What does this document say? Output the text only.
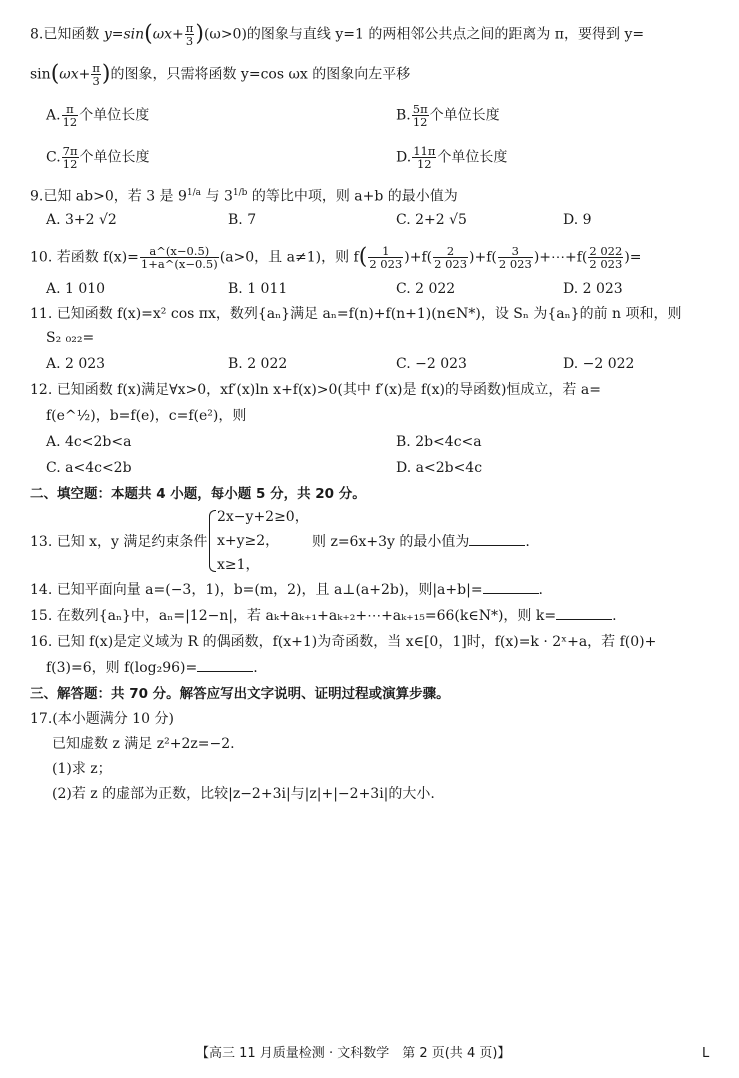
8.已知函数 $y=\sin(\omega x+ \frac{\pi}{3} )(\omega>0)$的图象与直线 y=1 的两相邻公共点之间的距离为 π，要得到 y=
$\sin(\omega x+ \frac{\pi}{3}$ )的图象，只需将函数 y=cos ωx 的图象向左平移
A. $\frac{\pi}{12}$ 个单位长度	B. $\frac{5\pi}{12}$ 个单位长度
C. $\frac{7\pi}{12}$ 个单位长度	D. $\frac{11\pi}{12}$ 个单位长度
9.已知 ab>0，若 3 是 $9^{1/a}$ 与 $3^{1/b}$ 的等比中项，则 a+b 的最小值为
A. 3+2 √2	B. 7	C. 2+2 √5	D. 9
10. 若函数 $f(x)= \frac{a\^{}(x-0.5)}{1+a\^{}(x-0.5)} (a>0$，且 a≠1)，则 $f( \frac{1}{2 023} )+f( \frac{2}{2 023} )+f( \frac{3}{2 023}$ )+⋯+f( $\frac{2 022}{2 023}$ )=
A. 1 010	B. 1 011	C. 2 022	D. 2 023
11. 已知函数 f(x)=x² cos πx，数列{aₙ}满足 aₙ=f(n)+f(n+1)(n∈N*)，设 Sₙ 为{aₙ}的前 n 项和，则
S₂ ₀₂₂=
A. 2 023	B. 2 022	C. −2 023	D. −2 022
12. 已知函数 f(x)满足∀x>0，xf′(x)ln x+f(x)>0(其中 f′(x)是 f(x)的导函数)恒成立，若 a=
f(e^½)，b=f(e)，c=f(e²)，则
A. 4c<2b<a	B. 2b<4c<a
C. a<4c<2b	D. a<2b<4c
二、填空题：本题共 4 小题，每小题 5 分，共 20 分。
13. 已知 x，y 满足约束条件
2x−y+2≥0，
x+y≥2，
x≥1，
则 z=6x+3y 的最小值为	.
14. 已知平面向量 a=(−3，1)，b=(m，2)，且 a⊥(a+2b)，则|a+b|=	.
15. 在数列{aₙ}中，aₙ=|12−n|，若 aₖ+aₖ₊₁+aₖ₊₂+⋯+aₖ₊₁₅=66(k∈N*)，则 k=	.
16. 已知 f(x)是定义域为 R 的偶函数，f(x+1)为奇函数，当 x∈[0，1]时，f(x)=k · 2ˣ+a，若 f(0)+
f(3)=6，则 f(log₂96)=	.
三、解答题：共 70 分。解答应写出文字说明、证明过程或演算步骤。
17.(本小题满分 10 分)
已知虚数 z 满足 z²+2z=−2.
(1)求 z；
(2)若 z 的虚部为正数，比较|z−2+3i|与|z|+|−2+3i|的大小.
【高三 11 月质量检测 · 文科数学　第 2 页(共 4 页)】	L
